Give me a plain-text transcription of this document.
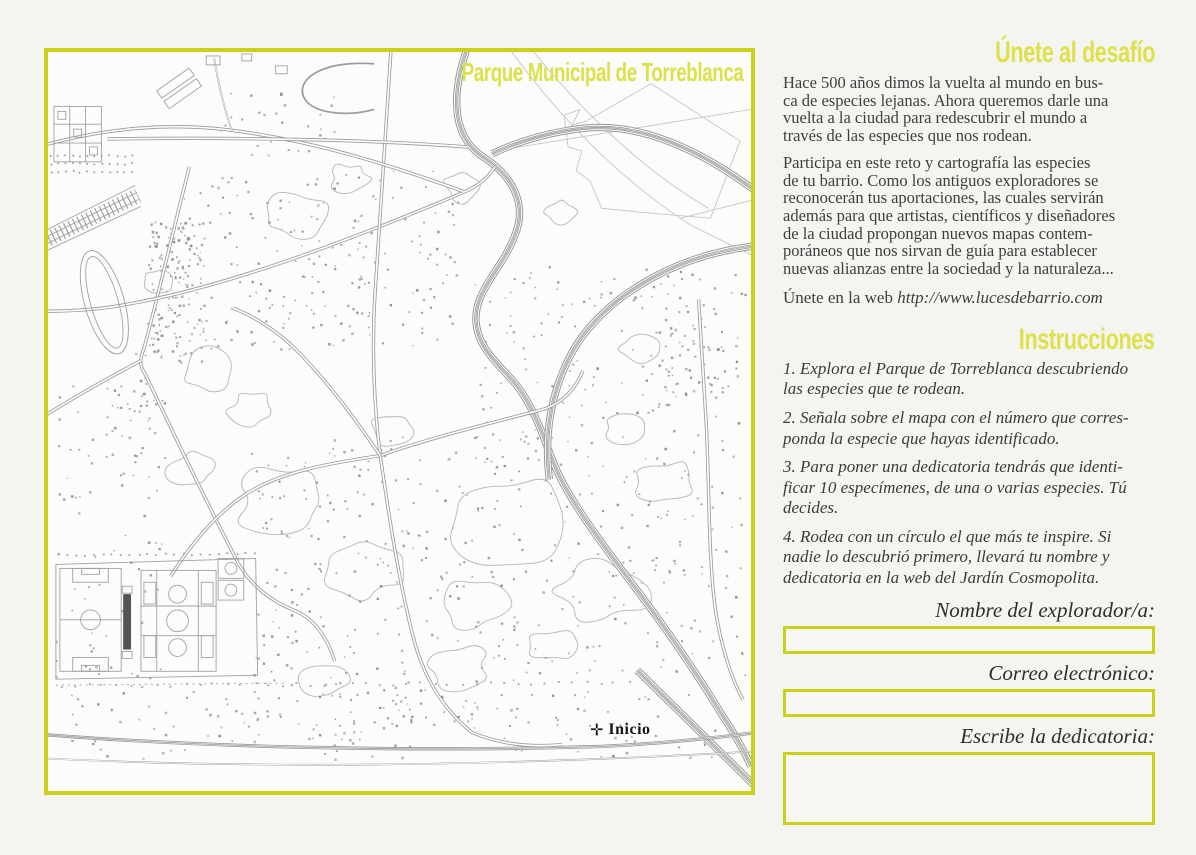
Parque Municipal de Torreblanca
✛ Inicio
Únete al desafío
Hace 500 años dimos la vuelta al mundo en bus-
ca de especies lejanas. Ahora queremos darle una
vuelta a la ciudad para redescubrir el mundo a
través de las especies que nos rodean.
Participa en este reto y cartografía las especies
de tu barrio. Como los antiguos exploradores se
reconocerán tus aportaciones, las cuales servirán
además para que artistas, científicos y diseñadores
de la ciudad propongan nuevos mapas contem-
poráneos que nos sirvan de guía para establecer
nuevas alianzas entre la sociedad y la naturaleza...
Únete en la web http://www.lucesdebarrio.com
Instrucciones
1. Explora el Parque de Torreblanca descubriendo
las especies que te rodean.
2. Señala sobre el mapa con el número que corres-
ponda la especie que hayas identificado.
3. Para poner una dedicatoria tendrás que identi-
ficar 10 especímenes, de una o varias especies. Tú
decides.
4. Rodea con un círculo el que más te inspire. Si
nadie lo descubrió primero, llevará tu nombre y
dedicatoria en la web del Jardín Cosmopolita.
Nombre del explorador/a:
Correo electrónico:
Escribe la dedicatoria:
